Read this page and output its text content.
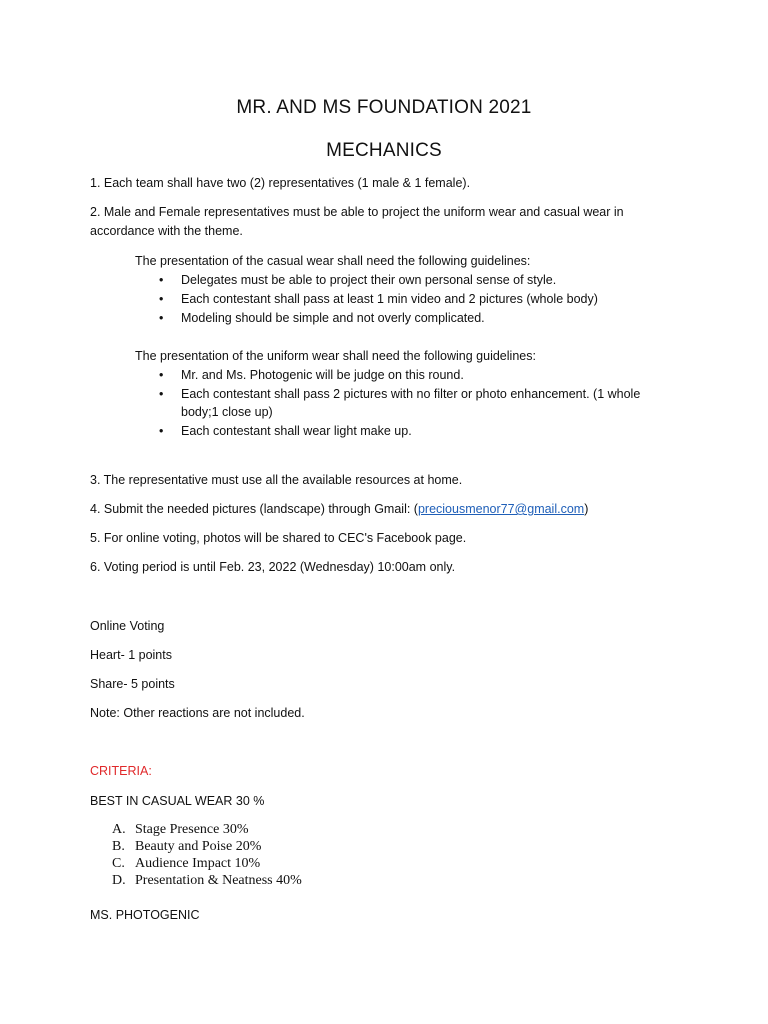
MR. AND MS FOUNDATION 2021
MECHANICS
1. Each team shall have two (2) representatives (1 male & 1 female).
2. Male and Female representatives must be able to project the uniform wear and casual wear in accordance with the theme.
The presentation of the casual wear shall need the following guidelines:
• Delegates must be able to project their own personal sense of style.
• Each contestant shall pass at least 1 min video and 2 pictures (whole body)
• Modeling should be simple and not overly complicated.
The presentation of the uniform wear shall need the following guidelines:
• Mr. and Ms. Photogenic will be judge on this round.
• Each contestant shall pass 2 pictures with no filter or photo enhancement. (1 whole body;1 close up)
• Each contestant shall wear light make up.
3. The representative must use all the available resources at home.
4. Submit the needed pictures (landscape) through Gmail: (preciousmenor77@gmail.com)
5. For online voting, photos will be shared to CEC's Facebook page.
6. Voting period is until Feb. 23, 2022 (Wednesday) 10:00am only.
Online Voting
Heart- 1 points
Share- 5 points
Note: Other reactions are not included.
CRITERIA:
BEST IN CASUAL WEAR 30 %
A. Stage Presence 30%
B. Beauty and Poise 20%
C. Audience Impact 10%
D. Presentation & Neatness 40%
MS. PHOTOGENIC
